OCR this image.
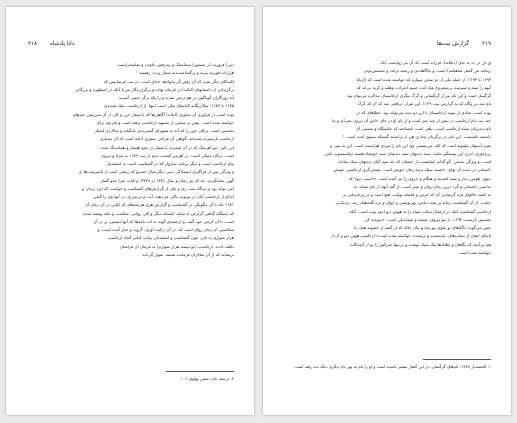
۲۱۸ دانا پادشاه

دبیر) فرورنه (بر منشور) سماعتیک و بیدرفش جاودن و تمامنخراسیت

هزارات قورینه پیرنه و برگمادمیدیدنه شمار پرده. رفتمند ¹

لکیدکای دیگر نفره که آن رفتن گر بحوادهد خدای است. در بیت فرصانیس که

برگزیدانی از داستانهای (ایلاند) در فرمان نهاده و برگزاردیگار نیز با آنکه در اسطوره و بزرگانی

آنه روزگاران گوناگون در هم درمی شدند و را یکه برگر ختمی آمیزند.

۱۱۷۵ تا ۱۱۸۳: سالاریگانه که‌ایمای تیکی است اینها. از ارجاسپ، بیلند شدیدی

بوده است در فراوری آن ساوری (ایلاند) آگاهی‌ها که با ممثار جن، و کل، از آن سرزمین خبرهای

خواسته شده است. پیش تر سخنی از مسهید ارجاسپ نرفته است و نام وی برای

نخستین است، ترکان چین را که آنه به شیوه‌ای گسترده‌تر دانگیانه و سالاران لشکر

ارجاسپ بازسپرده شده‌اند، گواهی آن فراخی ستیزی ادامه است که آن بسیاری

این دلیر، دیو آهرمنک که در آن شمرده یا شمار در جمع هستار و همانندنگ شده

است. ترکان سپکی است. در آهرمن کیست ندیم از بیت ۱۱۷۹ به نیژاد و بیرون

پیام ارجاسپ است و دیگر برنامه سازوار که در گشتاسپ است به اسفندیار

و ویژگی پس از فراگیری ایستادگی دینی دیگر میان خسرو که ریختی است از ناصرست‌ها، و

گهزر سایه‌گیری، چه که نیز زمان و سال ۱۳۸۱ در ۳۷۷۹، و کتاب سرا عدو گفتار

امی توانه بود و دیدگاه ست ژی و یکی از گزارش‌های گشتاسپ و خواست که ایزد یزدان و

انه‌ای از ارجاسپ آنان در نیرویه، پاکی می‌دهند، آیت و بی‌مرزی. در آنها وی را گشن

۱۱۸۱ نکه تا آن چگونگی در گشتاسپ و گزارش هری هرچندهای که کیانی در آن زمان آن

که دستگاه گیاهی گزارش به سانه، کنسانه دیگر و کار، روانی، شکست و نکته نوشته شده

است، تا آن کرمی خود گفت و ارجمندی گونه به اتد، نامه‌ها که آنها دشمن، پر در آن

شکاسپی آن زمان روان است که، در آن، ژکیه، اوزی، گروه، و خیار آمده است، و

هزار سواری به نایر، چون گشتاسپ و اسفندیار، پیاده، کیانی آنجا، ارجاسپ

نکلف دادند. ارجاسپ، ابو نیستد هزار سواریرا به فرمان آن فرا‌شان

برنشاند که از آن سالاران فرمانده شیمه. سوار گرداند.

۴. ترجمه چاه، مثمن پهلوی ۱۰۱.
۲۱۹
گزارش بیت‌ها

ق دل در ت به جای (دیکانه)، فرزانه است که آن نیز روانست (یک

ریحانه من گمتل شاهنامه) است، و بیاگاهاندی و ریحنه نژانه، و نخستین‌بودن

۱۱۹۴ تا ۱۱۹۳: از جمله یکی از دو سخن سواره که خواسته شده است که (اژیانا

آنهم را مینه و سیرسه بی‌مشروع شاد آنده جسم انعرات، وهلند و کرپه بی‌اند که

گرگسار است و این نام نیز از گرگسانی و گرگ بیگری ارجاسبیان مذاکره می‌توان بود.

نام سه تن وگاه که به گزارش بیت ۱۱۲۹، این نقرار دریافتی شد که آن که گرگ

بوده است، نمادی از پیوند ارجاسپیان با این دو دیده می‌تواند بود. خطاهای که در

چند بیت نام ارجاسپ در بیش از چند چیز است و از نام او در جای خاص آن بیرون نمی‌آید و ما

نام دیدیریان سپاه ارجاسپ است، ناهی است ناشناخته که خاستگاه و سستی آن

داستیه ناشیست. این نام، در برگردان بندازی هن از بزانسته گیسکه بسوی آمده است. ¹

تغيئ أنديهان ملینویه است که کلد، می‌نیستی وی این نام را مردی هراسیده است، این به پنیر، و

رزم‌دوزی، ادرن این نوستگیر مانند. سپه دیدیهان سپه دیدیمان سپه «ویشاه هسیه دوامیستوپ نامی

است، و ویژگی سنجی. گو گذابه ایمانیست از خشتان که چه سپه گیان دیدیهان سپاه ساداه

داستانی در دیدیه آن بهای. دانسته سپاه نرمه زمان خویش است. شیمی‌گری ارجاسپی حویش

دیوی، هومن، دنار و سپه کنندینه و هنگام و خروی را نیز آمده است. «داسپ دیو» که

بدانسی داستانی و گرد درین زمان روان و شیر است، از گم، آنها، از پای سپاه، به

به باشه خاکهای فره گزینه‌ایی آن که ایرش و فاصله تولیت، هیچ است و در بی‌فرمانی بر

خیانت، از آن گشتاسپ زمانه یر شید دیاش، بهرنوشتی و ایوان و دره گلنه‌هیک ربند. نزدیک‌تر

ارجاسپ گشتاسپ آنکه در ارمغان سالت سپاه را به هوش دیو ادوه بوده است. آنکه

نخستین کریست ۱۱۹۴، از نیو نیروی، شیجه و شتاه‌دیلی است؛ «دیوخبه کی

چنین می‌گوید: تاگیاهای نو نیاوی بیو پناه و بیان جاکه که از گفته از خشونه هیل، یا

تایه‌ای ایمان از پیماب‌های، اندیشیده و برسیده، خواسته شده است» ارجاسپ هوئن دیو و آن از

هم بی‌آنچه که نگاهان و نظاله‌ها بیک سپاه نوشت و بی‌تنها خبرکش را نو از آنچه‌گانه

خواسته شده است.

۱. التحفه‌یار ۱۳۷۸: نام‌های گرگسان، در این گفتار بیشتر نامیده است و او را نام نه بهر نام دیگری دیگه بده رفته است.
